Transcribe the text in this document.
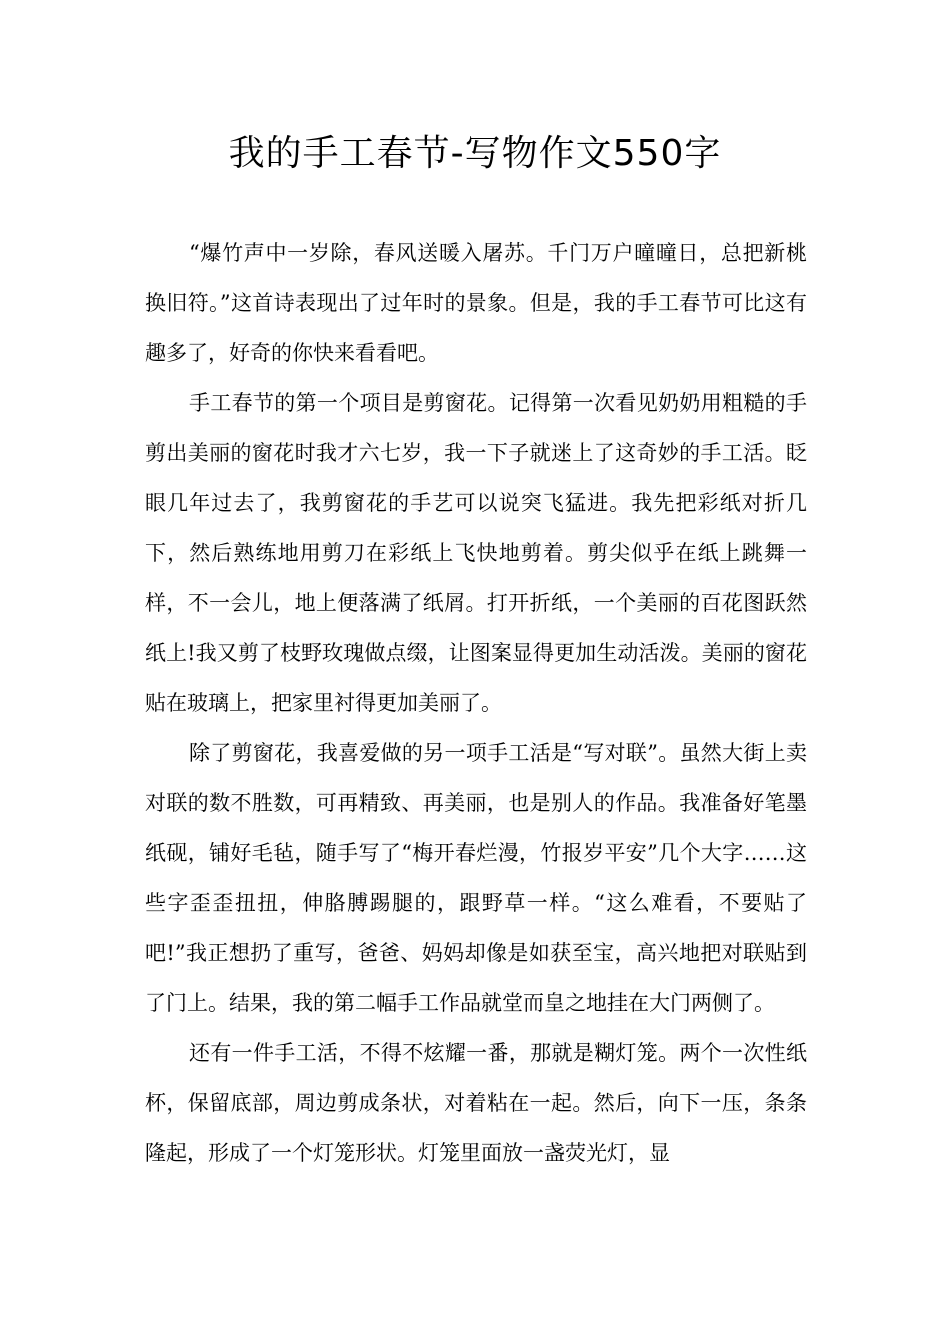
我的手工春节-写物作文550字

“爆竹声中一岁除，春风送暖入屠苏。千门万户曈曈日，总把新桃换旧符。”这首诗表现出了过年时的景象。但是，我的手工春节可比这有趣多了，好奇的你快来看看吧。

手工春节的第一个项目是剪窗花。记得第一次看见奶奶用粗糙的手剪出美丽的窗花时我才六七岁，我一下子就迷上了这奇妙的手工活。眨眼几年过去了，我剪窗花的手艺可以说突飞猛进。我先把彩纸对折几下，然后熟练地用剪刀在彩纸上飞快地剪着。剪尖似乎在纸上跳舞一样，不一会儿，地上便落满了纸屑。打开折纸，一个美丽的百花图跃然纸上!我又剪了枝野玫瑰做点缀，让图案显得更加生动活泼。美丽的窗花贴在玻璃上，把家里衬得更加美丽了。

除了剪窗花，我喜爱做的另一项手工活是“写对联”。虽然大街上卖对联的数不胜数，可再精致、再美丽，也是别人的作品。我准备好笔墨纸砚，铺好毛毡，随手写了“梅开春烂漫，竹报岁平安”几个大字……这些字歪歪扭扭，伸胳膊踢腿的，跟野草一样。“这么难看，不要贴了吧!”我正想扔了重写，爸爸、妈妈却像是如获至宝，高兴地把对联贴到了门上。结果，我的第二幅手工作品就堂而皇之地挂在大门两侧了。

还有一件手工活，不得不炫耀一番，那就是糊灯笼。两个一次性纸杯，保留底部，周边剪成条状，对着粘在一起。然后，向下一压，条条隆起，形成了一个灯笼形状。灯笼里面放一盏荧光灯，显
